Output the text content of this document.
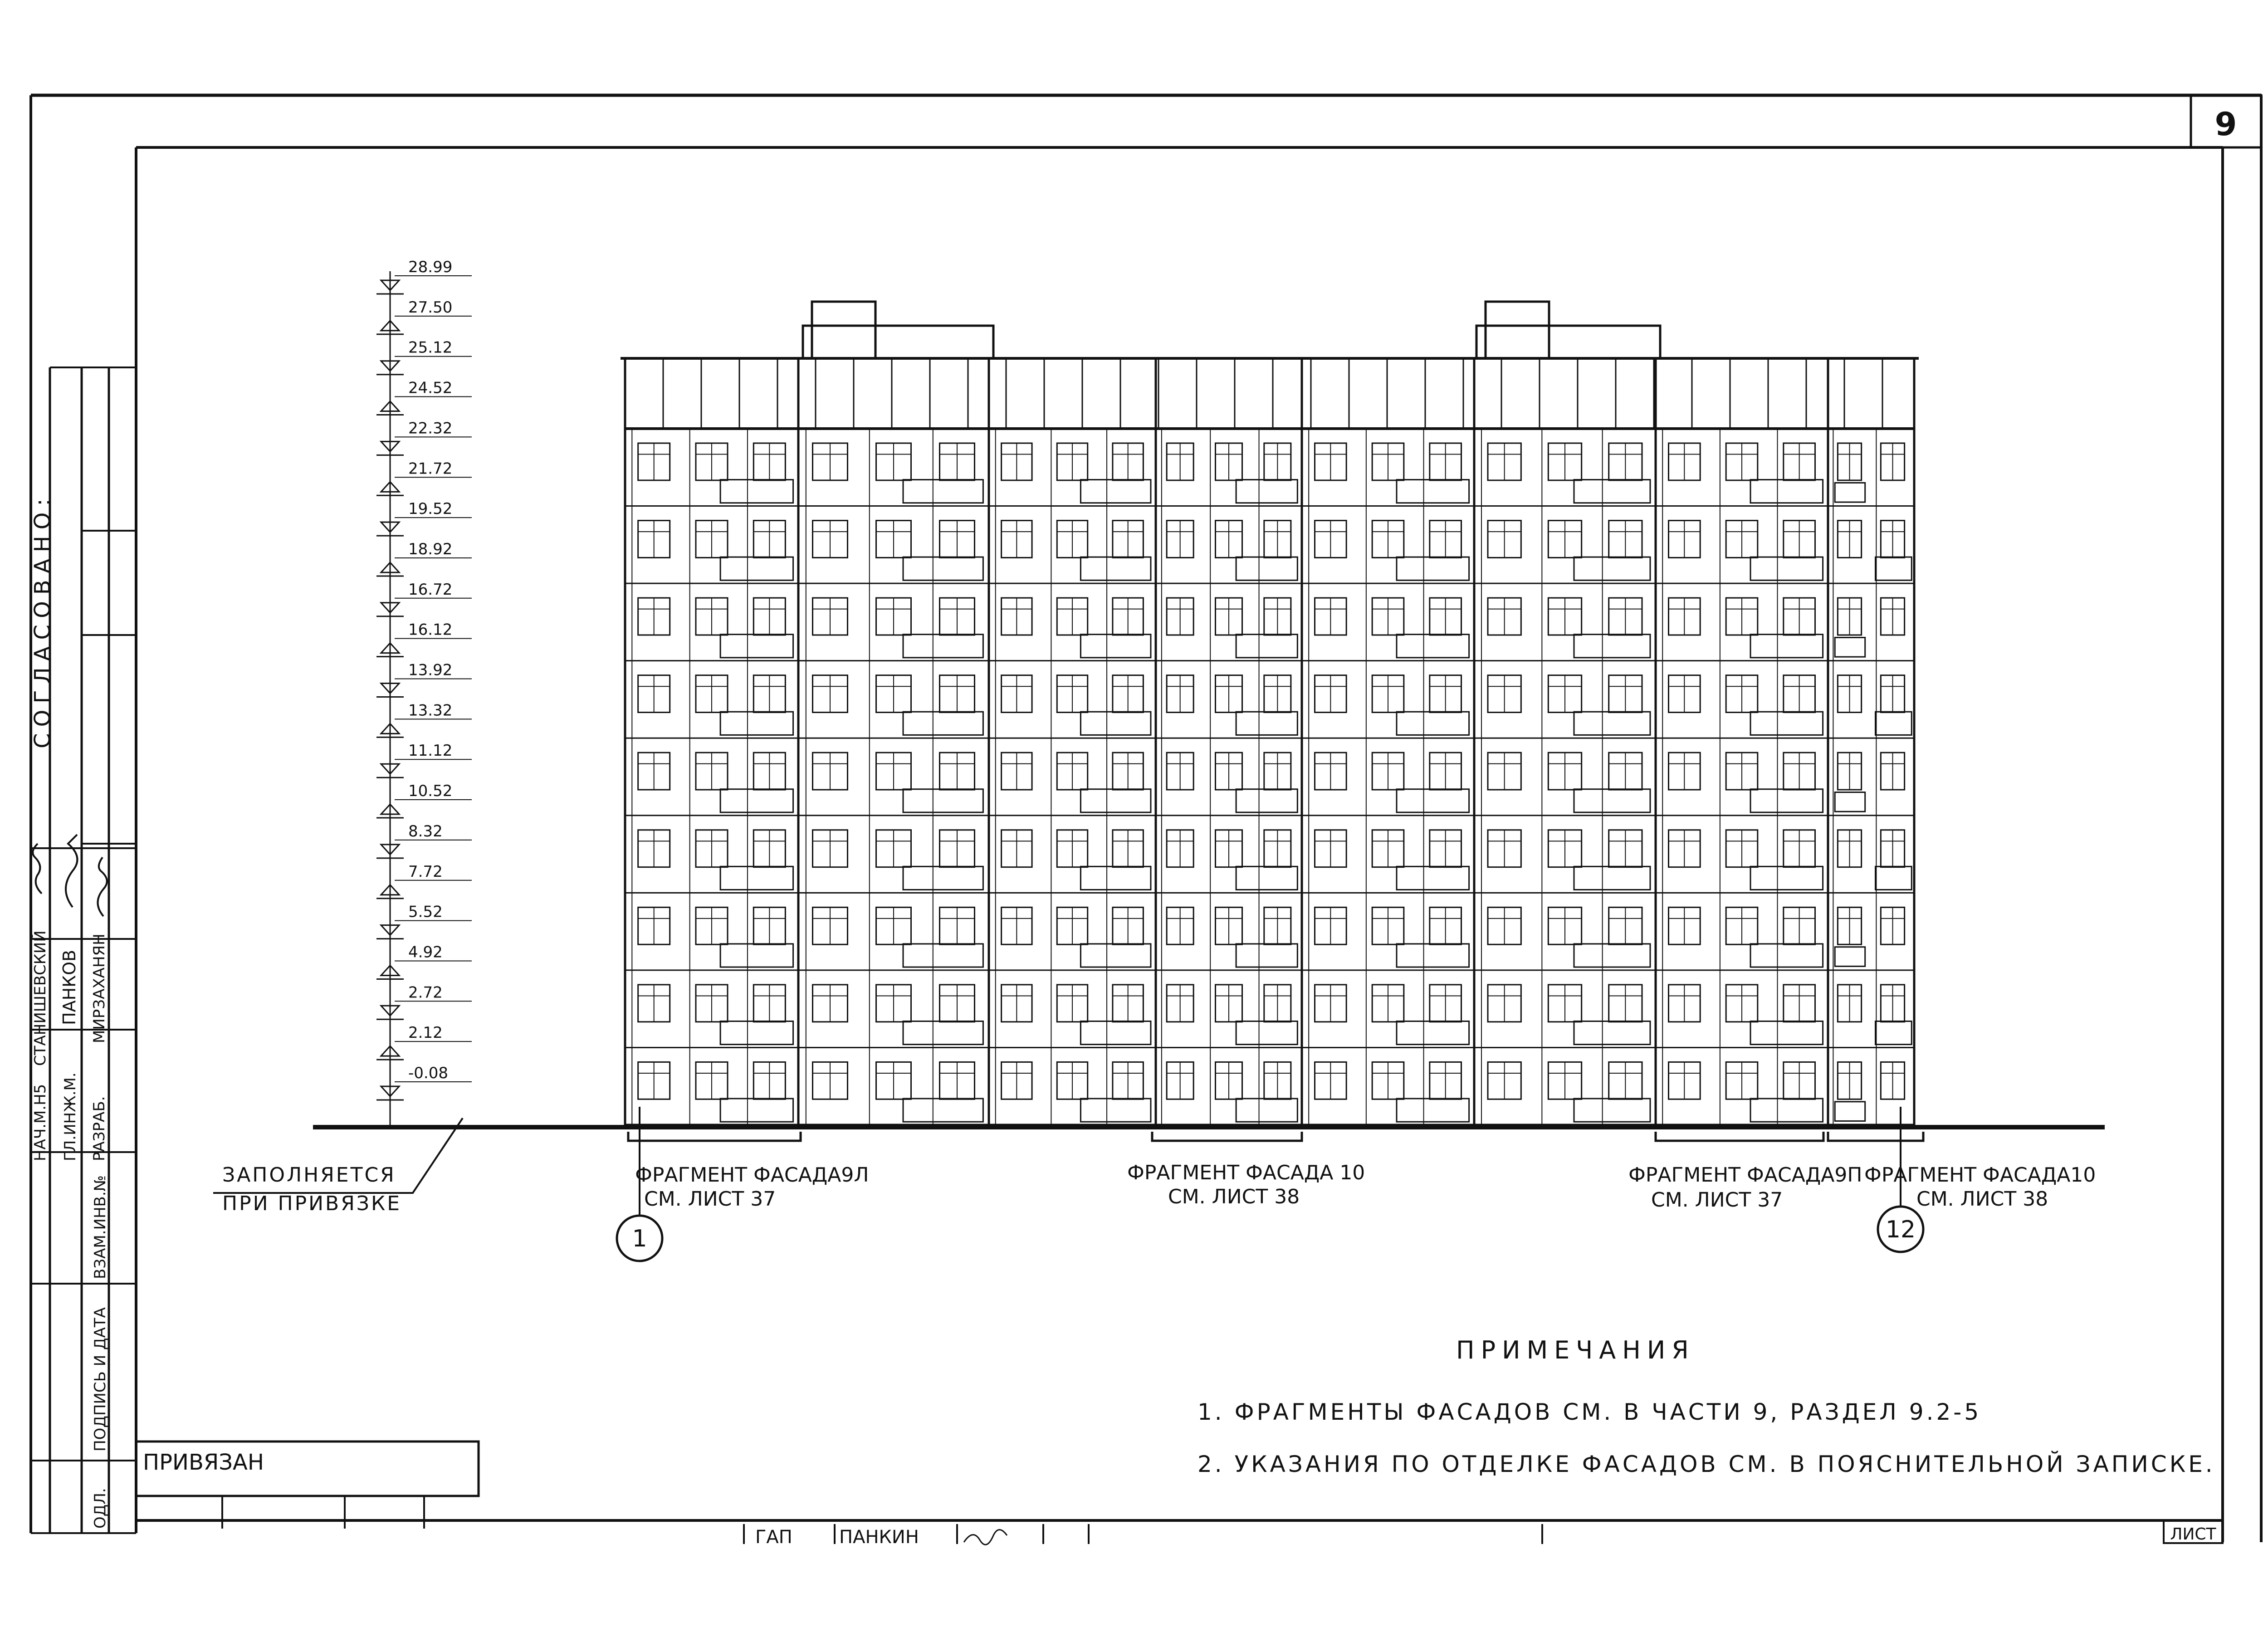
9
СОГЛАСОВАНО:
НАЧ.М.Н5
СТАНИШЕВСКИЙ
ГЛ.ИНЖ.М.
ПАНКОВ
РАЗРАБ.
МИРЗАХАНЯН
ВЗАМ.ИНВ.№
ПОДПИСЬ И ДАТА
ОДЛ.
28.99
27.50
25.12
24.52
22.32
21.72
19.52
18.92
16.72
16.12
13.92
13.32
11.12
10.52
8.32
7.72
5.52
4.92
2.72
2.12
-0.08
ЗАПОЛНЯЕТСЯ
ПРИ ПРИВЯЗКЕ
ФРАГМЕНТ ФАСАДА9Л
СМ. ЛИСТ 37
ФРАГМЕНТ ФАСАДА 10
СМ. ЛИСТ 38
ФРАГМЕНТ ФАСАДА9П
СМ. ЛИСТ 37
ФРАГМЕНТ ФАСАДА10
СМ. ЛИСТ 38
1	12
ПРИМЕЧАНИЯ
1. ФРАГМЕНТЫ ФАСАДОВ СМ. В ЧАСТИ 9, РАЗДЕЛ 9.2-5
2. УКАЗАНИЯ ПО ОТДЕЛКЕ ФАСАДОВ СМ. В ПОЯСНИТЕЛЬНОЙ ЗАПИСКЕ.
ПРИВЯЗАН
ГАП	ПАНКИН	ЛИСТ
